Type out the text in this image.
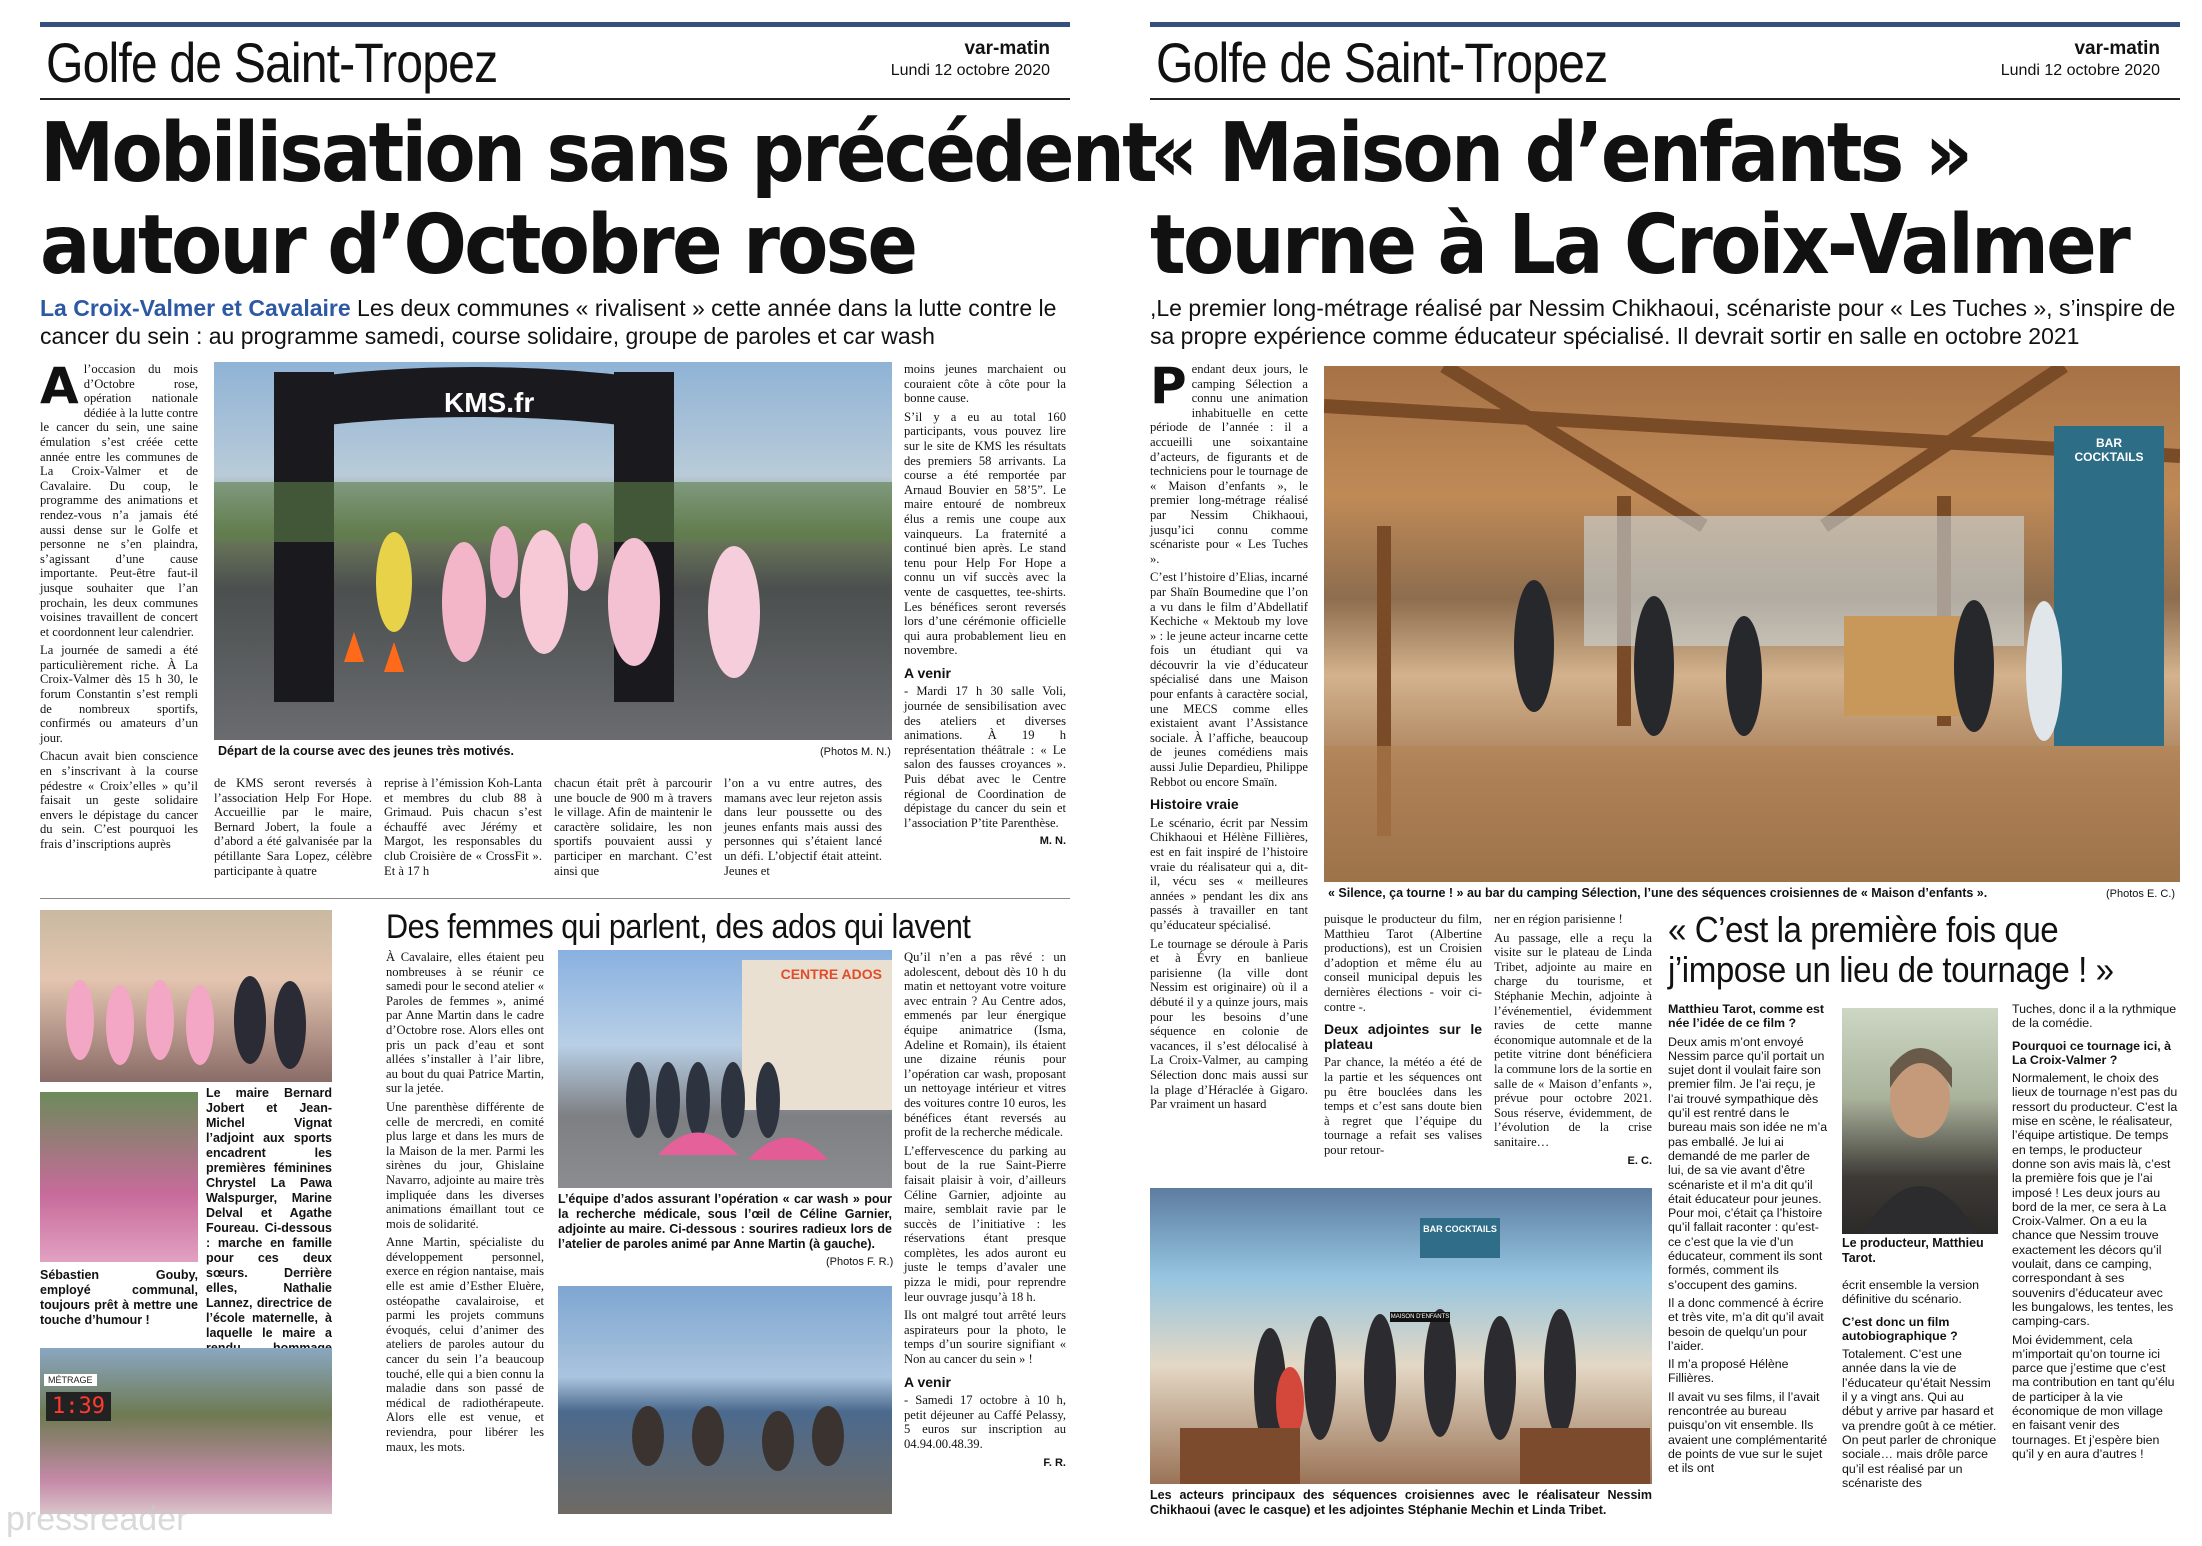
Golfe de Saint-Tropez	var-matin
Lundi 12 octobre 2020
Mobilisation sans précédent
autour d’Octobre rose
La Croix-Valmer et Cavalaire Les deux communes « rivalisent » cette année dans la lutte contre le cancer du sein : au programme samedi, course solidaire, groupe de paroles et car wash

Al’occasion du mois d’Octobre rose, opération nationale dédiée à la lutte contre le cancer du sein, une saine émulation s’est créée cette année entre les communes de La Croix-Valmer et de Cavalaire. Du coup, le programme des animations et rendez-vous n’a jamais été aussi dense sur le Golfe et personne ne s’en plaindra, s’agissant d’une cause importante. Peut-être faut-il jusque souhaiter que l’an prochain, les deux communes voisines travaillent de concert et coordonnent leur calendrier.

La journée de samedi a été particulièrement riche. À La Croix-Valmer dès 15 h 30, le forum Constantin s’est rempli de nombreux sportifs, confirmés ou amateurs d’un jour.

Chacun avait bien conscience en s’inscrivant à la course pédestre « Croix’elles » qu’il faisait un geste solidaire envers le dépistage du cancer du sein. C’est pourquoi les frais d’inscriptions auprès

KMS.fr
Départ de la course avec des jeunes très motivés.	(Photos M. N.)
de KMS seront reversés à l’association Help For Hope. Accueillie par le maire, Bernard Jobert, la foule a d’abord a été galvanisée par la pétillante Sara Lopez, célèbre participante à quatre
reprise à l’émission Koh-Lanta et membres du club 88 à Grimaud. Puis chacun s’est échauffé avec Jérémy et Margot, les responsables du club Croisière de « CrossFit ». Et à 17 h
chacun était prêt à parcourir une boucle de 900 m à travers le village. Afin de maintenir le caractère solidaire, les non sportifs pouvaient aussi y participer en marchant. C’est ainsi que
l’on a vu entre autres, des mamans avec leur rejeton assis dans leur poussette ou des jeunes enfants mais aussi des personnes qui s’étaient lancé un défi. L’objectif était atteint. Jeunes et

moins jeunes marchaient ou couraient côte à côte pour la bonne cause.

S’il y a eu au total 160 participants, vous pouvez lire sur le site de KMS les résultats des premiers 58 arrivants. La course a été remportée par Arnaud Bouvier en 58’5”. Le maire entouré de nombreux élus a remis une coupe aux vainqueurs. La fraternité a continué bien après. Le stand tenu pour Help For Hope a connu un vif succès avec la vente de casquettes, tee-shirts. Les bénéfices seront reversés lors d’une cérémonie officielle qui aura probablement lieu en novembre.

A venir

- Mardi 17 h 30 salle Voli, journée de sensibilisation avec des ateliers et diverses animations. À 19 h représentation théâtrale : « Le salon des fausses croyances ». Puis débat avec le Centre régional de Coordination de dépistage du cancer du sein et l’association P’tite Parenthèse.

M. N.
Le maire Bernard Jobert et Jean-Michel Vignat l’adjoint aux sports encadrent les premières féminines Chrystel La Pawa Walspurger, Marine Delval et Agathe Foureau. Ci-dessous : marche en famille pour ces deux sœurs. Derrière elles, Nathalie Lannez, directrice de l’école maternelle, à laquelle le maire a
Sébastien Gouby, employé communal, toujours prêt à mettre une touche d’humour !
1:39
MÉTRAGE
Des femmes qui parlent, des ados qui lavent

À Cavalaire, elles étaient peu nombreuses à se réunir ce samedi pour le second atelier « Paroles de femmes », animé par Anne Martin dans le cadre d’Octobre rose. Alors elles ont pris un pack d’eau et sont allées s’installer à l’air libre, au bout du quai Patrice Martin, sur la jetée.

Une parenthèse différente de celle de mercredi, en comité plus large et dans les murs de la Maison de la mer. Parmi les sirènes du jour, Ghislaine Navarro, adjointe au maire très impliquée dans les diverses animations émaillant tout ce mois de solidarité.

Anne Martin, spécialiste du développement personnel, exerce en région nantaise, mais elle est amie d’Esther Eluère, ostéopathe cavalairoise, et parmi les projets communs évoqués, celui d’animer des ateliers de paroles autour du cancer du sein l’a beaucoup touché, elle qui a bien connu la maladie dans son passé de médical de radiothérapeute. Alors elle est venue, et reviendra, pour libérer les maux, les mots.

CENTRE ADOS
L’équipe d’ados assurant l’opération « car wash » pour la recherche médicale, sous l’œil de Céline Garnier, adjointe au maire. Ci-dessous : sourires radieux lors de l’atelier de paroles animé par Anne Martin (à gauche).
(Photos F. R.)

Qu’il n’en a pas rêvé : un adolescent, debout dès 10 h du matin et nettoyant votre voiture avec entrain ? Au Centre ados, emmenés par leur énergique équipe animatrice (Isma, Adeline et Romain), ils étaient une dizaine réunis pour l’opération car wash, proposant un nettoyage intérieur et vitres des voitures contre 10 euros, les bénéfices étant reversés au profit de la recherche médicale.

L’effervescence du parking au bout de la rue Saint-Pierre faisait plaisir à voir, d’ailleurs Céline Garnier, adjointe au maire, semblait ravie par le succès de l’initiative : les réservations étant presque complètes, les ados auront eu juste le temps d’avaler une pizza le midi, pour reprendre leur ouvrage jusqu’à 18 h.

Ils ont malgré tout arrêté leurs aspirateurs pour la photo, le temps d’un sourire signifiant « Non au cancer du sein » !

A venir

- Samedi 17 octobre à 10 h, petit déjeuner au Caffé Pelassy, 5 euros sur inscription au 04.94.00.48.39.

F. R.
Golfe de Saint-Tropez	var-matin
Lundi 12 octobre 2020
« Maison d’enfants »
tourne à La Croix-Valmer
,Le premier long-métrage réalisé par Nessim Chikhaoui, scénariste pour « Les Tuches », s’inspire de sa propre expérience comme éducateur spécialisé. Il devrait sortir en salle en octobre 2021

Pendant deux jours, le camping Sélection a connu une animation inhabituelle en cette période de l’année : il a accueilli une soixantaine d’acteurs, de figurants et de techniciens pour le tournage de « Maison d’enfants », le premier long-métrage réalisé par Nessim Chikhaoui, jusqu’ici connu comme scénariste pour « Les Tuches ».

C’est l’histoire d’Elias, incarné par Shaïn Boumedine que l’on a vu dans le film d’Abdellatif Kechiche « Mektoub my love » : le jeune acteur incarne cette fois un étudiant qui va découvrir la vie d’éducateur spécialisé dans une Maison pour enfants à caractère social, une MECS comme elles existaient avant l’Assistance sociale. À l’affiche, beaucoup de jeunes comédiens mais aussi Julie Depardieu, Philippe Rebbot ou encore Smaïn.

Histoire vraie

Le scénario, écrit par Nessim Chikhaoui et Hélène Fillières, est en fait inspiré de l’histoire vraie du réalisateur qui a, dit-il, vécu ses « meilleures années » pendant les dix ans passés à travailler en tant qu’éducateur spécialisé.

Le tournage se déroule à Paris et à Évry en banlieue parisienne (la ville dont Nessim est originaire) où il a débuté il y a quinze jours, mais pour les besoins d’une séquence en colonie de vacances, il s’est délocalisé à La Croix-Valmer, au camping Sélection donc mais aussi sur la plage d’Héraclée à Gigaro. Par vraiment un hasard

BAR COCKTAILS
« Silence, ça tourne ! » au bar du camping Sélection, l’une des séquences croisiennes de « Maison d’enfants ».	(Photos E. C.)

puisque le producteur du film, Matthieu Tarot (Albertine productions), est un Croisien d’adoption et même élu au conseil municipal depuis les dernières élections - voir ci-contre -.

Deux adjointes sur le plateau

Par chance, la météo a été de la partie et les séquences ont pu être bouclées dans les temps et c’est sans doute bien à regret que l’équipe du tournage a refait ses valises pour retour-

ner en région parisienne !

Au passage, elle a reçu la visite sur le plateau de Linda Tribet, adjointe au maire en charge du tourisme, et Stéphanie Mechin, adjointe à l’événementiel, évidemment ravies de cette manne économique automnale et de la petite vitrine dont bénéficiera la commune lors de la sortie en salle de « Maison d’enfants », prévue pour octobre 2021. Sous réserve, évidemment, de l’évolution de la crise sanitaire…

E. C.
BAR COCKTAILS
MAISON D'ENFANTS
Les acteurs principaux des séquences croisiennes avec le réalisateur Nessim Chikhaoui (avec le casque) et les adjointes Stéphanie Mechin et Linda Tribet.
« C’est la première fois que
j’impose un lieu de tournage ! »

Matthieu Tarot, comme est née l’idée de ce film ?

Deux amis m’ont envoyé Nessim parce qu’il portait un sujet dont il voulait faire son premier film. Je l’ai reçu, je l’ai trouvé sympathique dès qu’il est rentré dans le bureau mais son idée ne m’a pas emballé. Je lui ai demandé de me parler de lui, de sa vie avant d’être scénariste et il m’a dit qu’il était éducateur pour jeunes. Pour moi, c’était ça l’histoire qu’il fallait raconter : qu’est-ce c’est que la vie d’un éducateur, comment ils sont formés, comment ils s’occupent des gamins.

Il a donc commencé à écrire et très vite, m’a dit qu’il avait besoin de quelqu’un pour l’aider.

Il m’a proposé Hélène Fillières.

Il avait vu ses films, il l’avait rencontrée au bureau puisqu’on vit ensemble. Ils avaient une complémentarité de points de vue sur le sujet et ils ont

Le producteur, Matthieu Tarot.

écrit ensemble la version définitive du scénario.

C’est donc un film autobiographique ?

Totalement. C’est une année dans la vie de l’éducateur qu’était Nessim il y a vingt ans. Qui au début y arrive par hasard et va prendre goût à ce métier. On peut parler de chronique sociale… mais drôle parce qu’il est réalisé par un scénariste des

Tuches, donc il a la rythmique de la comédie.

Pourquoi ce tournage ici, à La Croix-Valmer ?

Normalement, le choix des lieux de tournage n’est pas du ressort du producteur. C’est la mise en scène, le réalisateur, l’équipe artistique. De temps en temps, le producteur donne son avis mais là, c’est la première fois que je l’ai imposé ! Les deux jours au bord de la mer, ce sera à La Croix-Valmer. On a eu la chance que Nessim trouve exactement les décors qu’il voulait, dans ce camping, correspondant à ses souvenirs d’éducateur avec les bungalows, les tentes, les camping-cars.

Moi évidemment, cela m’importait qu’on tourne ici parce que j’estime que c’est ma contribution en tant qu’élu de participer à la vie économique de mon village en faisant venir des tournages. Et j’espère bien qu’il y en aura d’autres !

pressreader
